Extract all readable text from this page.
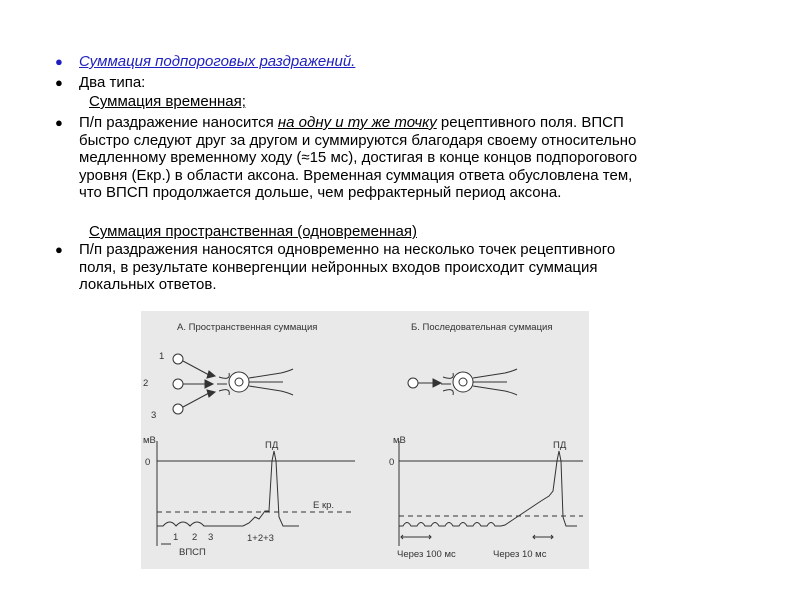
●	Суммация подпороговых раздражений.
●	Два типа:
Суммация временная;
●	П/п раздражение наносится на одну и ту же точку рецептивного поля. ВПСП
быстро следуют друг за другом и суммируются благодаря своему относительно
медленному временному ходу (≈15 мс), достигая в конце концов подпорогового
уровня (Екр.) в области аксона. Временная суммация ответа обусловлена тем,
что ВПСП продолжается дольше, чем рефрактерный период аксона.
Суммация пространственная (одновременная)
●	П/п раздражения наносятся одновременно на несколько точек рецептивного
поля, в результате конвергенции нейронных входов происходит суммация
локальных ответов.
А. Пространственная суммация
1
2
3
мВ
0
ПД
Е кр.
1 2 3
ВПСП
1+2+3
Б. Последовательная суммация
мВ
0
ПД
Через 100 мс	Через 10 мс
